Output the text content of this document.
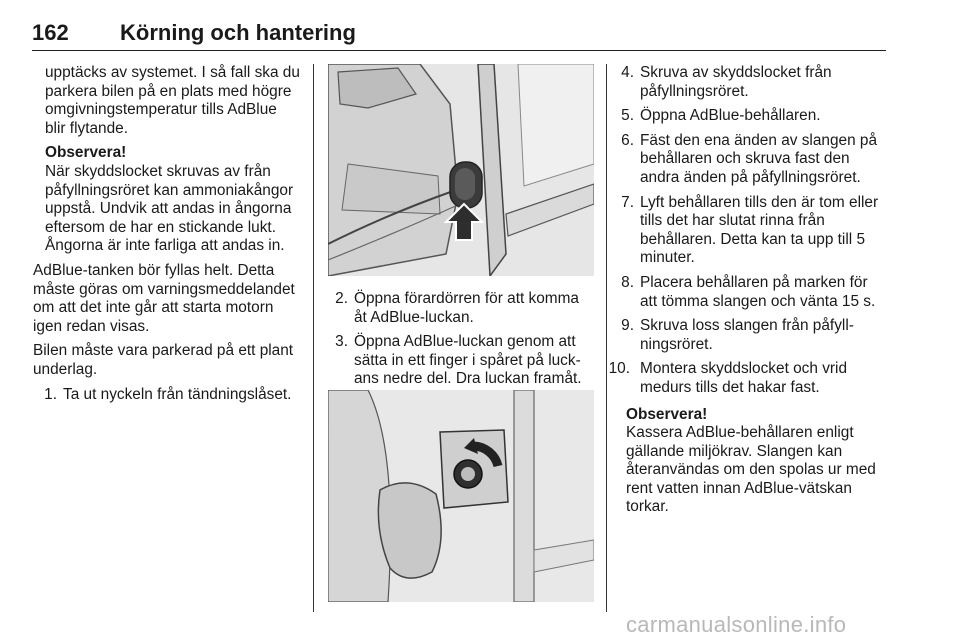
162 Körning och hantering

upptäcks av systemet. I så fall ska du parkera bilen på en plats med högre omgivningstemperatur tills AdBlue blir flytande.

Observera!

När skyddslocket skruvas av från påfyllningsröret kan ammoniakångor uppstå. Undvik att andas in ångorna eftersom de har en stickande lukt. Ångorna är inte farliga att andas in.

AdBlue-tanken bör fyllas helt. Detta måste göras om varningsmeddelandet om att det inte går att starta motorn igen redan visas.

Bilen måste vara parkerad på ett plant underlag.

1. Ta ut nyckeln från tändningslåset.
2. Öppna förardörren för att komma åt AdBlue-luckan.
3. Öppna AdBlue-luckan genom att sätta in ett finger i spåret på luckans nedre del. Dra luckan framåt.
4. Skruva av skyddslocket från påfyllningsröret.
5. Öppna AdBlue-behållaren.
6. Fäst den ena änden av slangen på behållaren och skruva fast den andra änden på påfyllningsröret.
7. Lyft behållaren tills den är tom eller tills det har slutat rinna från behållaren. Detta kan ta upp till 5 minuter.
8. Placera behållaren på marken för att tömma slangen och vänta 15 s.
9. Skruva loss slangen från påfyllningsröret.
10. Montera skyddslocket och vrid medurs tills det hakar fast.

Observera!

Kassera AdBlue-behållaren enligt gällande miljökrav. Slangen kan återanvändas om den spolas ur med rent vatten innan AdBlue-vätskan torkar.

carmanualsonline.info
